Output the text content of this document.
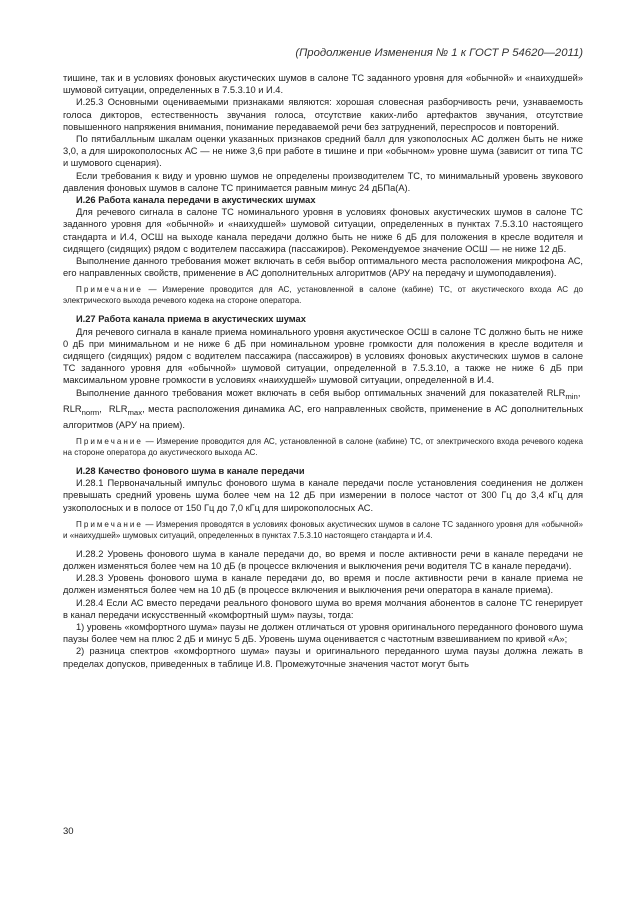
(Продолжение Изменения № 1 к ГОСТ Р 54620—2011)

тишине, так и в условиях фоновых акустических шумов в салоне ТС заданного уровня для «обычной» и «наихудшей» шумовой ситуации, определенных в 7.5.3.10 и И.4.

И.25.3 Основными оцениваемыми признаками являются: хорошая словесная разборчивость речи, узнаваемость голоса дикторов, естественность звучания голоса, отсутствие каких-либо артефактов звучания, отсутствие повышенного напряжения внимания, понимание передаваемой речи без затруднений, переспросов и повторений.

По пятибалльным шкалам оценки указанных признаков средний балл для узкополосных АС должен быть не ниже 3,0, а для широкополосных АС — не ниже 3,6 при работе в тишине и при «обычном» уровне шума (зависит от типа ТС и шумового сценария).

Если требования к виду и уровню шумов не определены производителем ТС, то минимальный уровень звукового давления фоновых шумов в салоне ТС принимается равным минус 24 дБПа(А).

И.26 Работа канала передачи в акустических шумах

Для речевого сигнала в салоне ТС номинального уровня в условиях фоновых акустических шумов в салоне ТС заданного уровня для «обычной» и «наихудшей» шумовой ситуации, определенных в пунктах 7.5.3.10 настоящего стандарта и И.4, ОСШ на выходе канала передачи должно быть не ниже 6 дБ для положения в кресле водителя и сидящего (сидящих) рядом с водителем пассажира (пассажиров). Рекомендуемое значение ОСШ — не ниже 12 дБ.

Выполнение данного требования может включать в себя выбор оптимального места расположения микрофона АС, его направленных свойств, применение в АС дополнительных алгоритмов (АРУ на передачу и шумоподавления).

Примечание — Измерение проводится для АС, установленной в салоне (кабине) ТС, от акустического входа АС до электрического выхода речевого кодека на стороне оператора.

И.27 Работа канала приема в акустических шумах

Для речевого сигнала в канале приема номинального уровня акустическое ОСШ в салоне ТС должно быть не ниже 0 дБ при минимальном и не ниже 6 дБ при номинальном уровне громкости для положения в кресле водителя и сидящего (сидящих) рядом с водителем пассажира (пассажиров) в условиях фоновых акустических шумов в салоне ТС заданного уровня для «обычной» шумовой ситуации, определенной в 7.5.3.10, а также не ниже 6 дБ при максимальном уровне громкости в условиях «наихудшей» шумовой ситуации, определенной в И.4.

Выполнение данного требования может включать в себя выбор оптимальных значений для показателей $RLR_{min}$,  $RLR_{norm}$,  $RLR_{max}$, места расположения динамика АС, его направленных свойств, применение в АС дополнительных алгоритмов (АРУ на прием).

Примечание — Измерение проводится для АС, установленной в салоне (кабине) ТС, от электрического входа речевого кодека на стороне оператора до акустического выхода АС.

И.28 Качество фонового шума в канале передачи

И.28.1 Первоначальный импульс фонового шума в канале передачи после установления соединения не должен превышать средний уровень шума более чем на 12 дБ при измерении в полосе частот от 300 Гц до 3,4 кГц для узкополосных и в полосе от 150 Гц до 7,0 кГц для широкополосных АС.

Примечание — Измерения проводятся в условиях фоновых акустических шумов в салоне ТС заданного уровня для «обычной» и «наихудшей» шумовых ситуаций, определенных в пунктах 7.5.3.10 настоящего стандарта и И.4.

И.28.2 Уровень фонового шума в канале передачи до, во время и после активности речи в канале передачи не должен изменяться более чем на 10 дБ (в процессе включения и выключения речи водителя ТС в канале передачи).

И.28.3 Уровень фонового шума в канале передачи до, во время и после активности речи в канале приема не должен изменяться более чем на 10 дБ (в процессе включения и выключения речи оператора в канале приема).

И.28.4 Если АС вместо передачи реального фонового шума во время молчания абонентов в салоне ТС генерирует в канал передачи искусственный «комфортный шум» паузы, тогда:

1) уровень «комфортного шума» паузы не должен отличаться от уровня оригинального переданного фонового шума паузы более чем на плюс 2 дБ и минус 5 дБ. Уровень шума оценивается с частотным взвешиванием по кривой «А»;

2) разница спектров «комфортного шума» паузы и оригинального переданного шума паузы должна лежать в пределах допусков, приведенных в таблице И.8. Промежуточные значения частот могут быть

30
